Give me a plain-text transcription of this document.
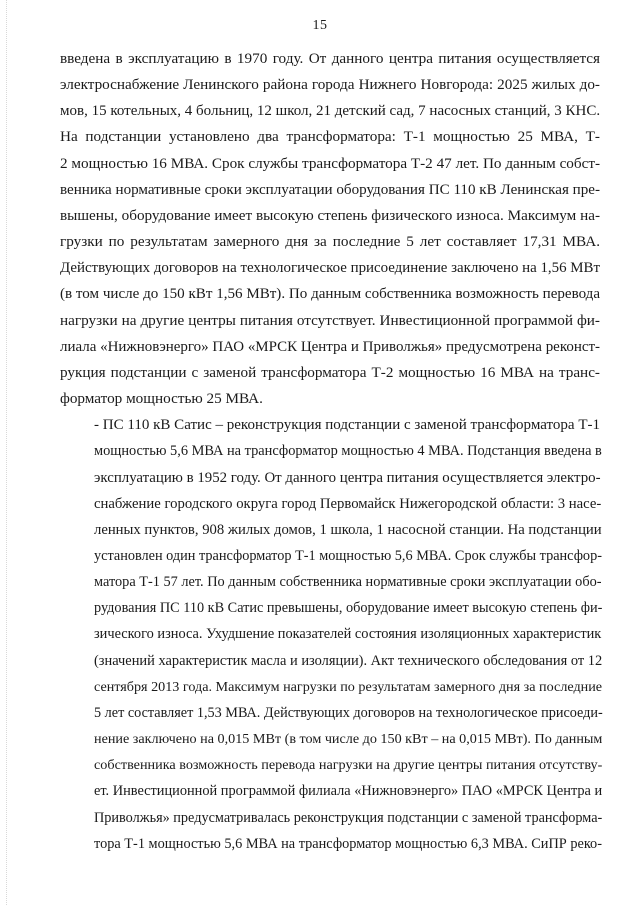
15

введена в эксплуатацию в 1970 году. От данного центра питания осуществляется
электроснабжение Ленинского района города Нижнего Новгорода: 2025 жилых до-
мов, 15 котельных, 4 больниц, 12 школ, 21 детский сад, 7 насосных станций, 3 КНС.
На подстанции установлено два трансформатора: Т-1 мощностью 25 МВА, Т-
2 мощностью 16 МВА. Срок службы трансформатора Т-2 47 лет. По данным собст-
венника нормативные сроки эксплуатации оборудования ПС 110 кВ Ленинская пре-
вышены, оборудование имеет высокую степень физического износа. Максимум на-
грузки по результатам замерного дня за последние 5 лет составляет 17,31 МВА.
Действующих договоров на технологическое присоединение заключено на 1,56 МВт
(в том числе до 150 кВт 1,56 МВт). По данным собственника возможность перевода
нагрузки на другие центры питания отсутствует. Инвестиционной программой фи-
лиала «Нижновэнерго» ПАО «МРСК Центра и Приволжья» предусмотрена реконст-
рукция подстанции с заменой трансформатора Т-2 мощностью 16 МВА на транс-
форматор мощностью 25 МВА.

- ПС 110 кВ Сатис – реконструкция подстанции с заменой трансформатора Т-1
мощностью 5,6 МВА на трансформатор мощностью 4 МВА. Подстанция введена в
эксплуатацию в 1952 году. От данного центра питания осуществляется электро-
снабжение городского округа город Первомайск Нижегородской области: 3 насе-
ленных пунктов, 908 жилых домов, 1 школа, 1 насосной станции. На подстанции
установлен один трансформатор Т-1 мощностью 5,6 МВА. Срок службы трансфор-
матора Т-1 57 лет. По данным собственника нормативные сроки эксплуатации обо-
рудования ПС 110 кВ Сатис превышены, оборудование имеет высокую степень фи-
зического износа. Ухудшение показателей состояния изоляционных характеристик
(значений характеристик масла и изоляции). Акт технического обследования от 12
сентября 2013 года. Максимум нагрузки по результатам замерного дня за последние
5 лет составляет 1,53 МВА. Действующих договоров на технологическое присоеди-
нение заключено на 0,015 МВт (в том числе до 150 кВт – на 0,015 МВт). По данным
собственника возможность перевода нагрузки на другие центры питания отсутству-
ет. Инвестиционной программой филиала «Нижновэнерго» ПАО «МРСК Центра и
Приволжья» предусматривалась реконструкция подстанции с заменой трансформа-
тора Т-1 мощностью 5,6 МВА на трансформатор мощностью 6,3 МВА. СиПР реко-
